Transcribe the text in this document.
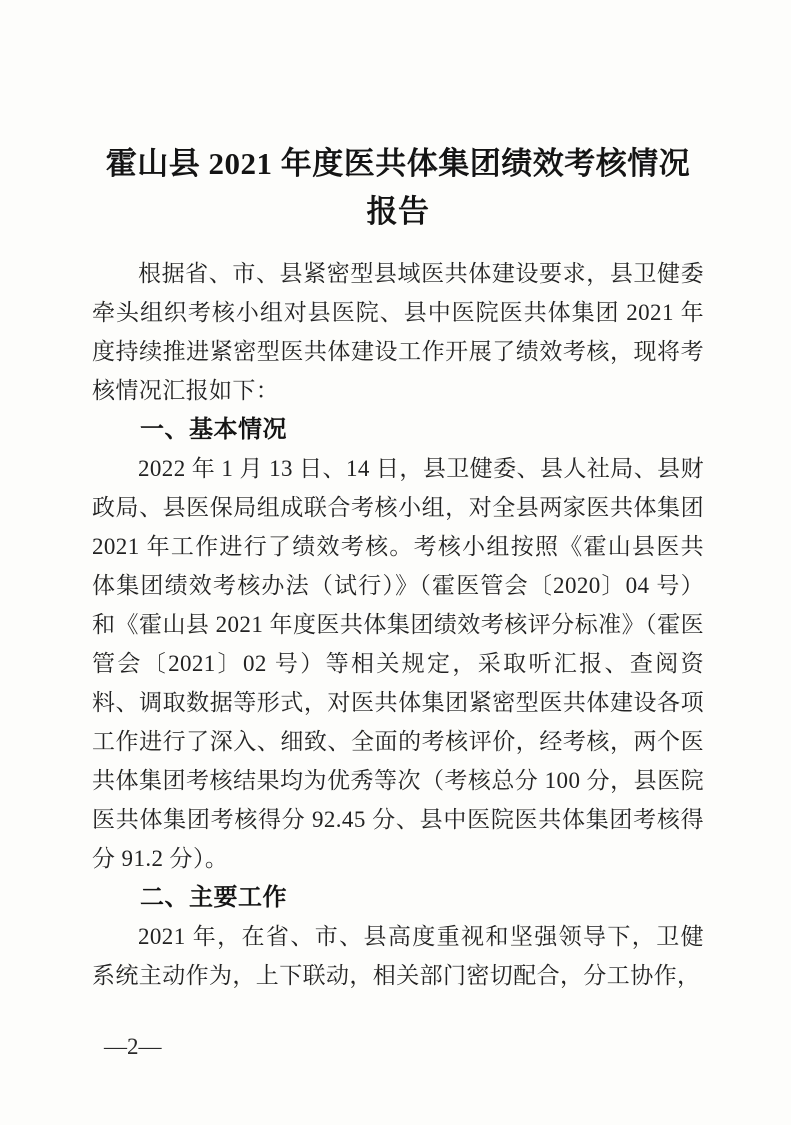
霍山县 2021 年度医共体集团绩效考核情况报告

根据省、市、县紧密型县域医共体建设要求，县卫健委牵头组织考核小组对县医院、县中医院医共体集团 2021 年度持续推进紧密型医共体建设工作开展了绩效考核，现将考核情况汇报如下：

一、基本情况

2022 年 1 月 13 日、14 日，县卫健委、县人社局、县财政局、县医保局组成联合考核小组，对全县两家医共体集团 2021 年工作进行了绩效考核。考核小组按照《霍山县医共体集团绩效考核办法（试行）》（霍医管会〔2020〕04 号）和《霍山县 2021 年度医共体集团绩效考核评分标准》（霍医管会〔2021〕02 号）等相关规定，采取听汇报、查阅资料、调取数据等形式，对医共体集团紧密型医共体建设各项工作进行了深入、细致、全面的考核评价，经考核，两个医共体集团考核结果均为优秀等次（考核总分 100 分，县医院医共体集团考核得分 92.45 分、县中医院医共体集团考核得分 91.2 分）。

二、主要工作

2021 年，在省、市、县高度重视和坚强领导下，卫健系统主动作为，上下联动，相关部门密切配合，分工协作，

—2—
